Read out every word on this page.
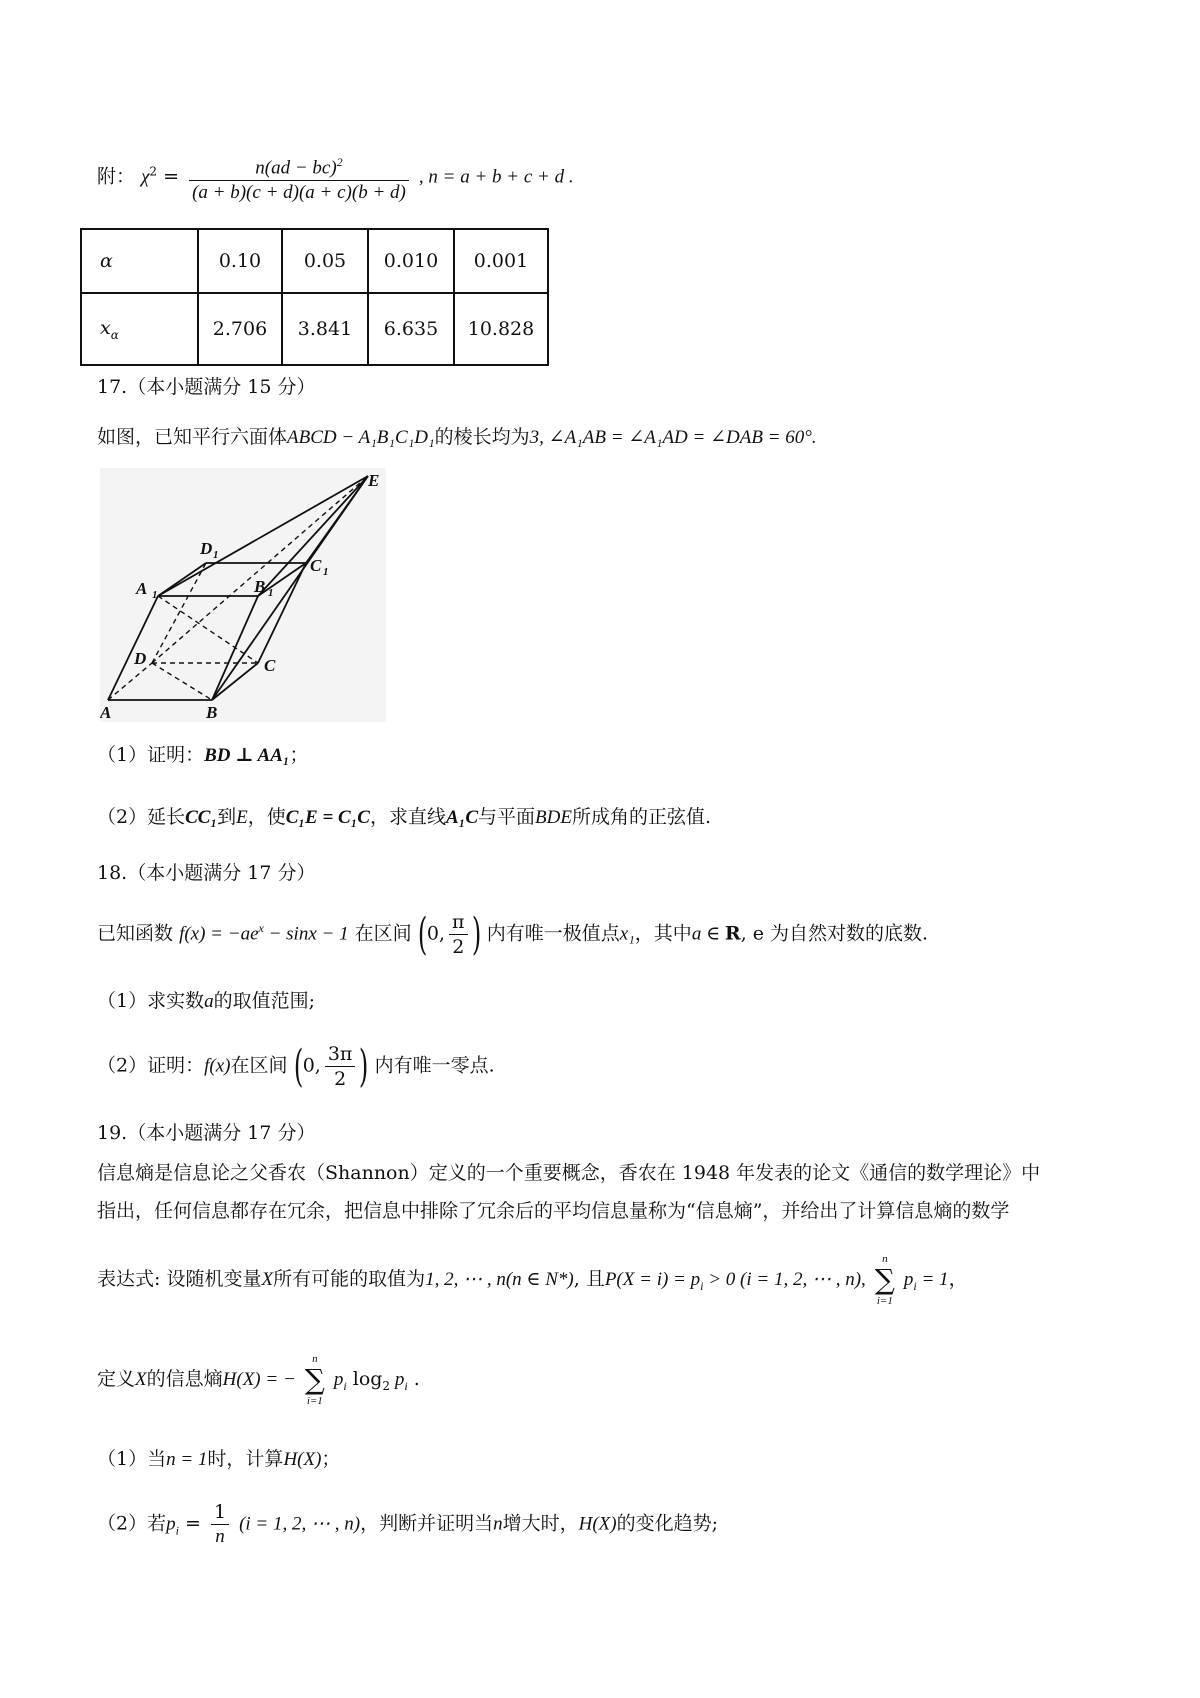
附： $\chi^2 = \frac{n(ad - bc)^2}{(a + b)(c + d)(a + c)(b + d)}$ , n = a + b + c + d .
α	0.10	0.05	0.010	0.001
$x_\alpha$	2.706	3.841	6.635	10.828
17.（本小题满分 15 分）
如图，已知平行六面体ABCD − A₁B₁C₁D₁的棱长均为3, ∠A₁AB = ∠A₁AD = ∠DAB = 60°.
A	B
C
D
A 1	B 1
C 1
D 1
E
（1）证明：BD ⊥ AA₁；
（2）延长CC₁到E，使C₁E = C₁C，求直线A₁C与平面BDE所成角的正弦值.
18.（本小题满分 17 分）
已知函数 $f(x) = -ae^x - \sin x - 1$ 在区间 (0, $\frac{\pi}{2}$ ) 内有唯一极值点x₁，其中a ∈ R, e 为自然对数的底数.
（1）求实数a的取值范围;
（2）证明：f(x)在区间 (0, $\frac{3\pi}{2}$ ) 内有唯一零点.
19.（本小题满分 17 分）
信息熵是信息论之父香农（Shannon）定义的一个重要概念，香农在 1948 年发表的论文《通信的数学理论》中
指出，任何信息都存在冗余，把信息中排除了冗余后的平均信息量称为“信息熵”，并给出了计算信息熵的数学
表达式: 设随机变量X所有可能的取值为1, 2, ⋯ , n(n ∈ N*), 且$P(X = i) = p_i > 0$ (i = 1, 2, ⋯ , n),
n
∑
i=1
$p_i = 1$，
定义X的信息熵H(X) = −
n
∑
i=1
$p_i$ $\log_2 p_i$ .
（1）当n = 1时，计算H(X)；
（2）若$p_i = \frac{1}{n} (i = 1$, 2, ⋯ , n)，判断并证明当n增大时，H(X)的变化趋势;
